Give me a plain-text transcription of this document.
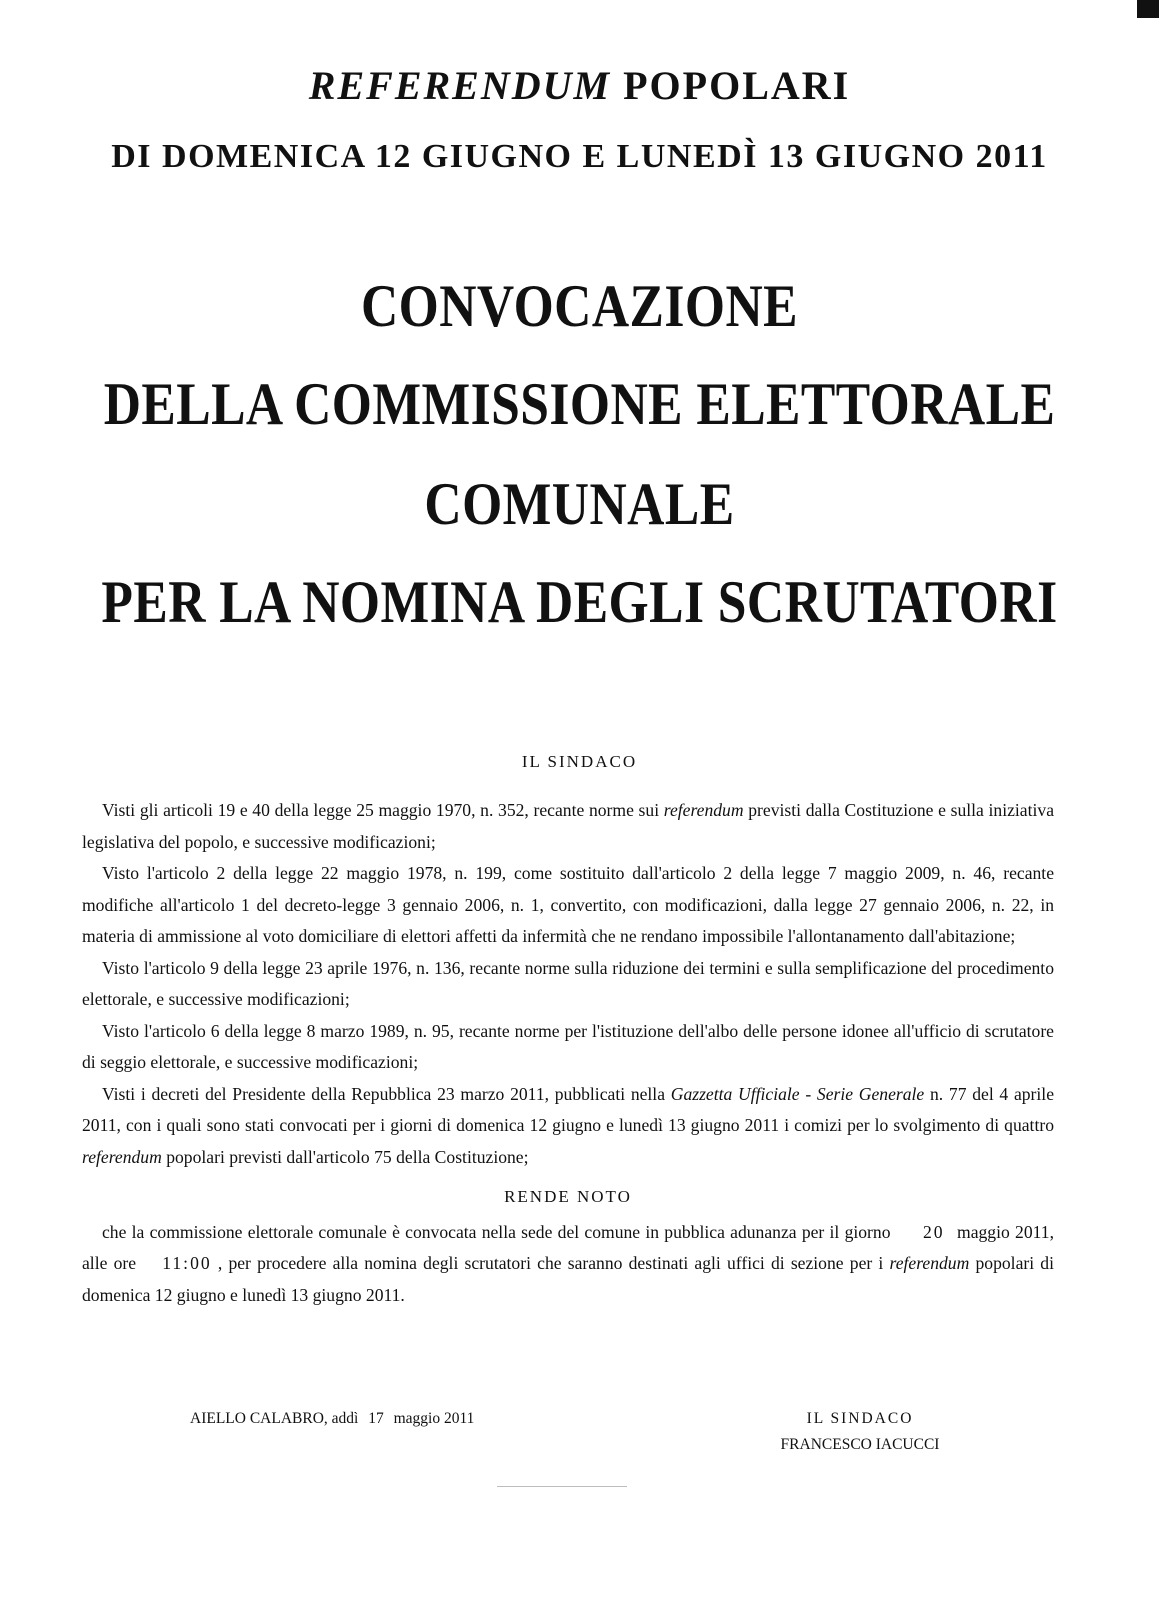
REFERENDUM POPOLARI
DI DOMENICA 12 GIUGNO E LUNEDÌ 13 GIUGNO 2011
CONVOCAZIONE
DELLA COMMISSIONE ELETTORALE
COMUNALE
PER LA NOMINA DEGLI SCRUTATORI
IL SINDACO

Visti gli articoli 19 e 40 della legge 25 maggio 1970, n. 352, recante norme sui referendum previsti dalla Costituzione e sulla iniziativa legislativa del popolo, e successive modificazioni;

Visto l'articolo 2 della legge 22 maggio 1978, n. 199, come sostituito dall'articolo 2 della legge 7 maggio 2009, n. 46, recante modifiche all'articolo 1 del decreto-legge 3 gennaio 2006, n. 1, convertito, con modificazioni, dalla legge 27 gennaio 2006, n. 22, in materia di ammissione al voto domiciliare di elettori affetti da infermità che ne rendano impossibile l'allontanamento dall'abitazione;

Visto l'articolo 9 della legge 23 aprile 1976, n. 136, recante norme sulla riduzione dei termini e sulla semplificazione del procedimento elettorale, e successive modificazioni;

Visto l'articolo 6 della legge 8 marzo 1989, n. 95, recante norme per l'istituzione dell'albo delle persone idonee all'ufficio di scrutatore di seggio elettorale, e successive modificazioni;

Visti i decreti del Presidente della Repubblica 23 marzo 2011, pubblicati nella Gazzetta Ufficiale - Serie Generale n. 77 del 4 aprile 2011, con i quali sono stati convocati per i giorni di domenica 12 giugno e lunedì 13 giugno 2011 i comizi per lo svolgimento di quattro referendum popolari previsti dall'articolo 75 della Costituzione;

RENDE NOTO

che la commissione elettorale comunale è convocata nella sede del comune in pubblica adunanza per il giorno 20 maggio 2011, alle ore 11:00 , per procedere alla nomina degli scrutatori che saranno destinati agli uffici di sezione per i referendum popolari di domenica 12 giugno e lunedì 13 giugno 2011.

AIELLO CALABRO, addì 17 maggio 2011	IL SINDACO
FRANCESCO IACUCCI
